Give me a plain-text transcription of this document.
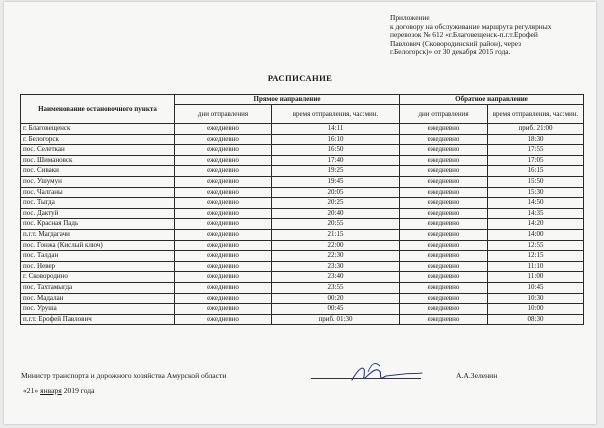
Приложение
к договору на обслуживание маршрута регулярных
перевозок № 612 «г.Благовещенск-п.г.т.Ерофей
Павлович (Сковородинский район), через
г.Белогорск)» от 30 декабря 2015 года.
РАСПИСАНИЕ
Наименование остановочного пункта	Прямое направление		Обратное направление	
	дни отправления	время отправления, час:мин.	дни отправления	время отправления, час:мин.
г. Благовещенск	ежедневно	14:11	ежедневно	приб. 21:00
г. Белогорск	ежедневно	16:10	ежедневно	18:30
пос. Селеткан	ежедневно	16:50	ежедневно	17:55
пос. Шимановск	ежедневно	17:40	ежедневно	17:05
пос. Сиваки	ежедневно	19:25	ежедневно	16:15
пос. Ушумун	ежедневно	19:45	ежедневно	15:50
пос. Чалганы	ежедневно	20:05	ежедневно	15:30
пос. Тыгда	ежедневно	20:25	ежедневно	14:50
пос. Дактуй	ежедневно	20:40	ежедневно	14:35
пос. Красная Падь	ежедневно	20:55	ежедневно	14:20
п.г.т. Магдагачи	ежедневно	21:15	ежедневно	14:00
пос. Гонжа (Кислый ключ)	ежедневно	22:00	ежедневно	12:55
пос. Талдан	ежедневно	22:30	ежедневно	12:15
пос. Невер	ежедневно	23:30	ежедневно	11:10
г. Сковородино	ежедневно	23:40	ежедневно	11:00
пос. Тахтамыгда	ежедневно	23:55	ежедневно	10:45
пос. Мадалан	ежедневно	00:20	ежедневно	10:30
пос. Уруша	ежедневно	00:45	ежедневно	10:00
п.г.т. Ерофей Павлович	ежедневно	приб. 01:30	ежедневно	08:30
Министр транспорта и дорожного хозяйства Амурской области	А.А.Зеленин
«21» января 2019 года
